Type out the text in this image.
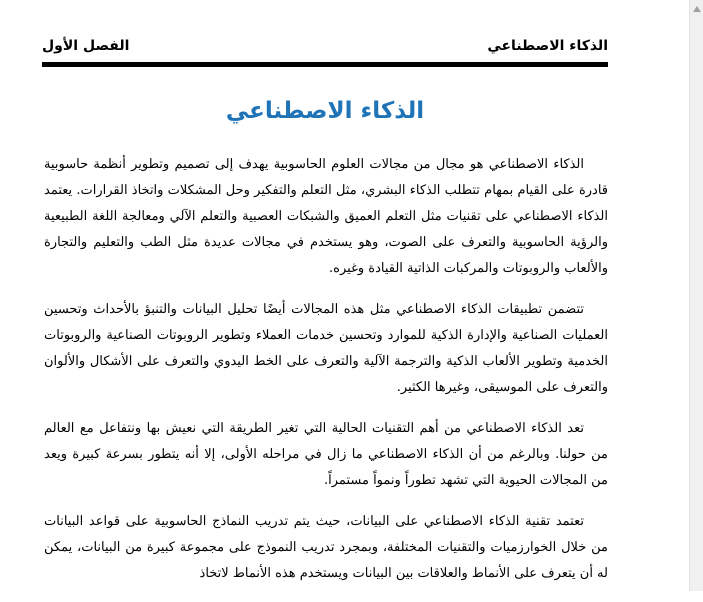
الذكاء الاصطناعي
الفصل الأول
الذكاء الاصطناعي

الذكاء الاصطناعي هو مجال من مجالات العلوم الحاسوبية يهدف إلى تصميم وتطوير أنظمة حاسوبية قادرة على القيام بمهام تتطلب الذكاء البشري، مثل التعلم والتفكير وحل المشكلات واتخاذ القرارات. يعتمد الذكاء الاصطناعي على تقنيات مثل التعلم العميق والشبكات العصبية والتعلم الآلي ومعالجة اللغة الطبيعية والرؤية الحاسوبية والتعرف على الصوت، وهو يستخدم في مجالات عديدة مثل الطب والتعليم والتجارة والألعاب والروبوتات والمركبات الذاتية القيادة وغيره.

تتضمن تطبيقات الذكاء الاصطناعي مثل هذه المجالات أيضًا تحليل البيانات والتنبؤ بالأحداث وتحسين العمليات الصناعية والإدارة الذكية للموارد وتحسين خدمات العملاء وتطوير الروبوتات الصناعية والروبوتات الخدمية وتطوير الألعاب الذكية والترجمة الآلية والتعرف على الخط اليدوي والتعرف على الأشكال والألوان والتعرف على الموسيقى، وغيرها الكثير.

تعد الذكاء الاصطناعي من أهم التقنيات الحالية التي تغير الطريقة التي نعيش بها ونتفاعل مع العالم من حولنا. وبالرغم من أن الذكاء الاصطناعي ما زال في مراحله الأولى، إلا أنه يتطور بسرعة كبيرة ويعد من المجالات الحيوية التي تشهد تطوراً ونمواً مستمراً.

تعتمد تقنية الذكاء الاصطناعي على البيانات، حيث يتم تدريب النماذج الحاسوبية على قواعد البيانات من خلال الخوارزميات والتقنيات المختلفة، وبمجرد تدريب النموذج على مجموعة كبيرة من البيانات، يمكن له أن يتعرف على الأنماط والعلاقات بين البيانات ويستخدم هذه الأنماط لاتخاذ
